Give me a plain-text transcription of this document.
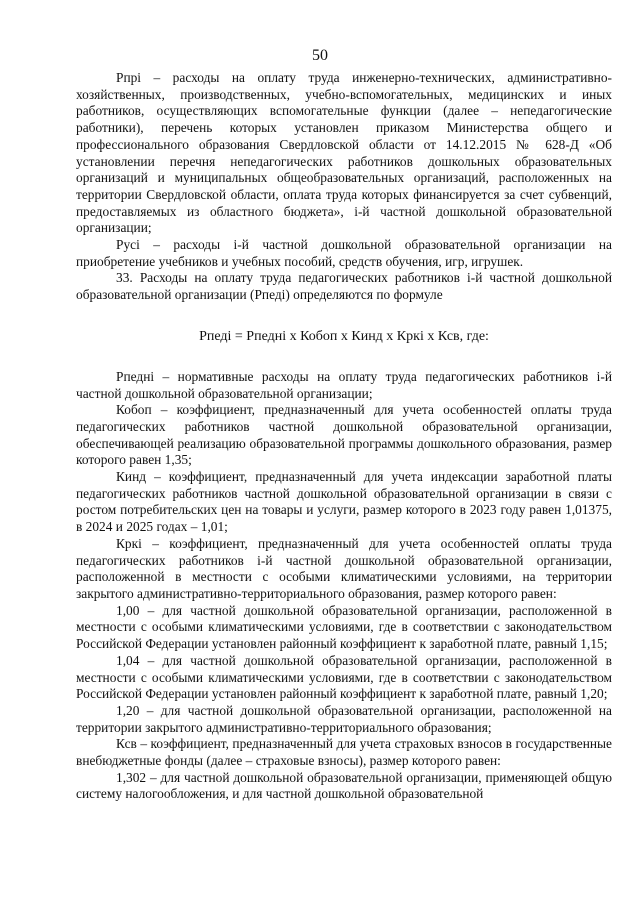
50

Рпрi – расходы на оплату труда инженерно-технических, административно-хозяйственных, производственных, учебно-вспомогательных, медицинских и иных работников, осуществляющих вспомогательные функции (далее – непедагогические работники), перечень которых установлен приказом Министерства общего и профессионального образования Свердловской области от 14.12.2015 № 628-Д «Об установлении перечня непедагогических работников дошкольных образовательных организаций и муниципальных общеобразовательных организаций, расположенных на территории Свердловской области, оплата труда которых финансируется за счет субвенций, предоставляемых из областного бюджета», i-й частной дошкольной образовательной организации;

Русi – расходы i-й частной дошкольной образовательной организации на приобретение учебников и учебных пособий, средств обучения, игр, игрушек.

33. Расходы на оплату труда педагогических работников i-й частной дошкольной образовательной организации (Рпедi) определяются по формуле

Рпедi = Рпедні х Кобоп х Кинд х Кркi х Ксв, где:

Рпедні – нормативные расходы на оплату труда педагогических работников i-й частной дошкольной образовательной организации;

Кобоп – коэффициент, предназначенный для учета особенностей оплаты труда педагогических работников частной дошкольной образовательной организации, обеспечивающей реализацию образовательной программы дошкольного образования, размер которого равен 1,35;

Кинд – коэффициент, предназначенный для учета индексации заработной платы педагогических работников частной дошкольной образовательной организации в связи с ростом потребительских цен на товары и услуги, размер которого в 2023 году равен 1,01375, в 2024 и 2025 годах – 1,01;

Кркi – коэффициент, предназначенный для учета особенностей оплаты труда педагогических работников i-й частной дошкольной образовательной организации, расположенной в местности с особыми климатическими условиями, на территории закрытого административно-территориального образования, размер которого равен:

1,00 – для частной дошкольной образовательной организации, расположенной в местности с особыми климатическими условиями, где в соответствии с законодательством Российской Федерации установлен районный коэффициент к заработной плате, равный 1,15;

1,04 – для частной дошкольной образовательной организации, расположенной в местности с особыми климатическими условиями, где в соответствии с законодательством Российской Федерации установлен районный коэффициент к заработной плате, равный 1,20;

1,20 – для частной дошкольной образовательной организации, расположенной на территории закрытого административно-территориального образования;

Ксв – коэффициент, предназначенный для учета страховых взносов в государственные внебюджетные фонды (далее – страховые взносы), размер которого равен:

1,302 – для частной дошкольной образовательной организации, применяющей общую систему налогообложения, и для частной дошкольной образовательной
